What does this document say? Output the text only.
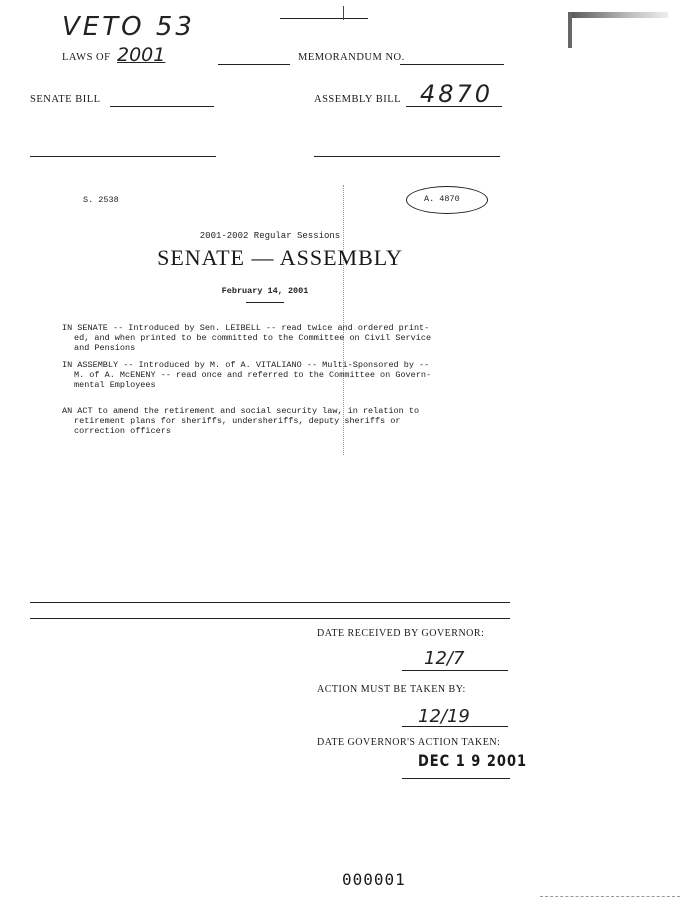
VETO 53
LAWS OF 2001	MEMORANDUM NO.
SENATE BILL	ASSEMBLY BILL 4870
S. 2538	A. 4870
2001-2002 Regular Sessions
SENATE — ASSEMBLY
February 14, 2001
IN SENATE -- Introduced by Sen. LEIBELL -- read twice and ordered print-
ed, and when printed to be committed to the Committee on Civil Service
and Pensions
IN ASSEMBLY -- Introduced by M. of A. VITALIANO -- Multi-Sponsored by --
M. of A. McENENY -- read once and referred to the Committee on Govern-
mental Employees
AN ACT to amend the retirement and social security law, in relation to
retirement plans for sheriffs, undersheriffs, deputy sheriffs or
correction officers
DATE RECEIVED BY GOVERNOR:
12/7
ACTION MUST BE TAKEN BY:
12/19
DATE GOVERNOR'S ACTION TAKEN:
DEC 1 9 2001
000001
